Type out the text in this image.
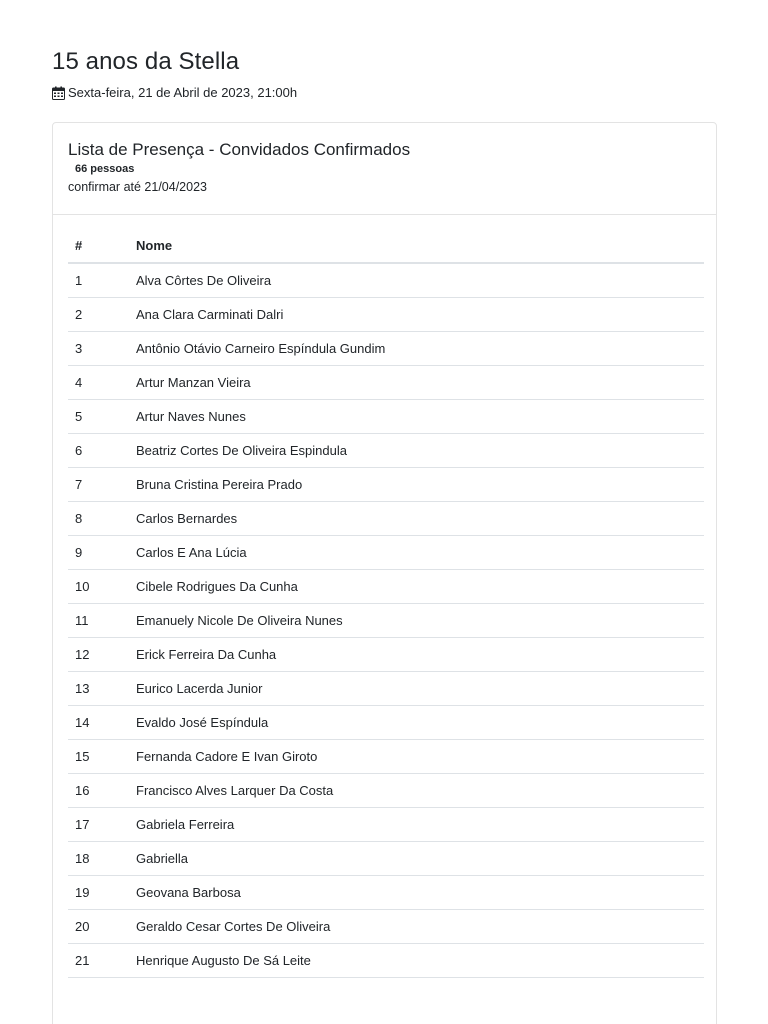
15 anos da Stella
Sexta-feira, 21 de Abril de 2023, 21:00h
Lista de Presença - Convidados Confirmados
66 pessoas
confirmar até 21/04/2023
#	Nome
1	Alva Côrtes De Oliveira
2	Ana Clara Carminati Dalri
3	Antônio Otávio Carneiro Espíndula Gundim
4	Artur Manzan Vieira
5	Artur Naves Nunes
6	Beatriz Cortes De Oliveira Espindula
7	Bruna Cristina Pereira Prado
8	Carlos Bernardes
9	Carlos E Ana Lúcia
10	Cibele Rodrigues Da Cunha
11	Emanuely Nicole De Oliveira Nunes
12	Erick Ferreira Da Cunha
13	Eurico Lacerda Junior
14	Evaldo José Espíndula
15	Fernanda Cadore E Ivan Giroto
16	Francisco Alves Larquer Da Costa
17	Gabriela Ferreira
18	Gabriella
19	Geovana Barbosa
20	Geraldo Cesar Cortes De Oliveira
21	Henrique Augusto De Sá Leite
